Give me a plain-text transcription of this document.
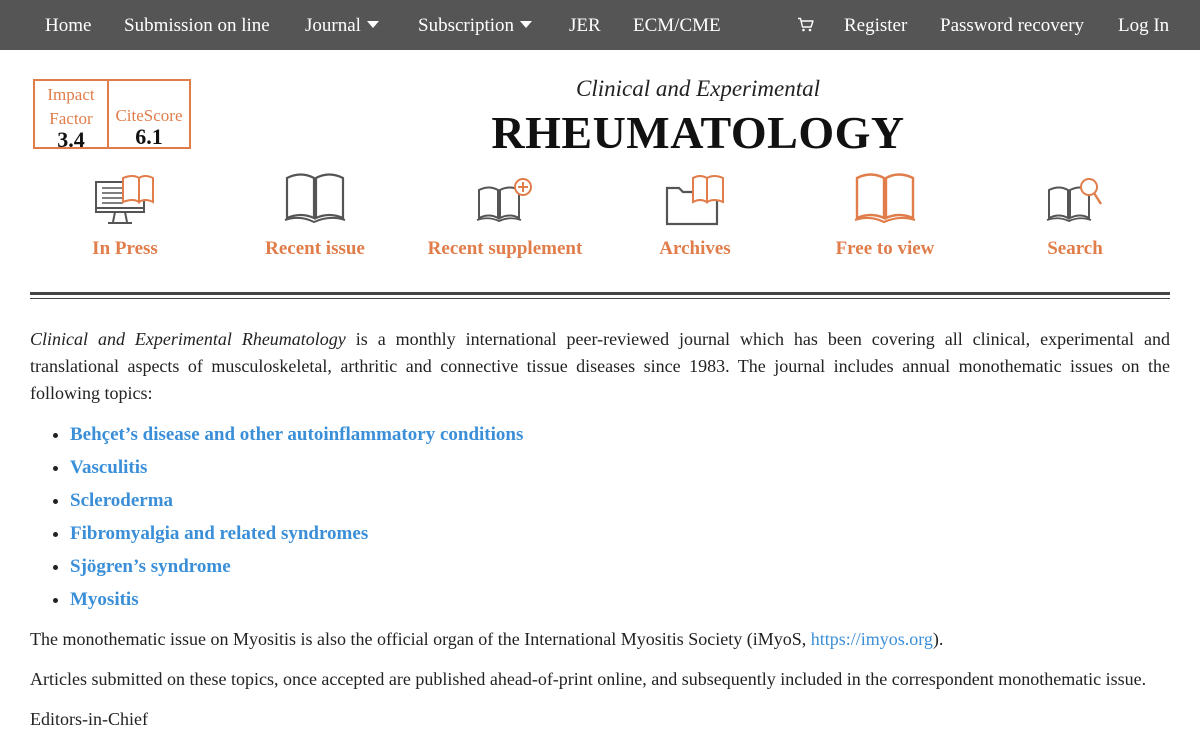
Home Submission on line Journal	Subscription	JER ECM/CME	Register Password recovery Log In
Impact
Factor
3.4
CiteScore
6.1
Clinical and Experimental
RHEUMATOLOGY
In Press	Recent issue	Recent supplement	Archives	Free to view	Search

Clinical and Experimental Rheumatology is a monthly international peer-reviewed journal which has been covering all clinical, experimental and translational aspects of musculoskeletal, arthritic and connective tissue diseases since 1983. The journal includes annual monothematic issues on the following topics:

• Behçet’s disease and other autoinflammatory conditions
• Vasculitis
• Scleroderma
• Fibromyalgia and related syndromes
• Sjögren’s syndrome
• Myositis

The monothematic issue on Myositis is also the official organ of the International Myositis Society (iMyoS, https://imyos.org).

Articles submitted on these topics, once accepted are published ahead-of-print online, and subsequently included in the correspondent monothematic issue.

Editors-in-Chief
